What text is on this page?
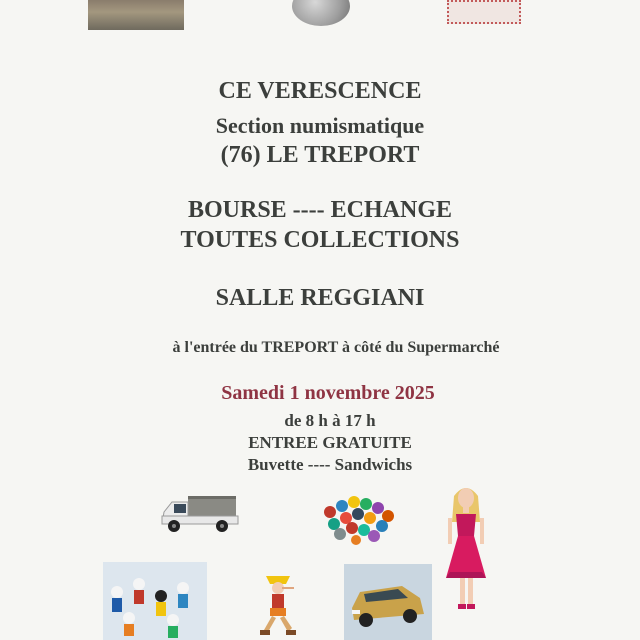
CE VERESCENCE
Section numismatique
(76) LE TREPORT
BOURSE ---- ECHANGE
TOUTES COLLECTIONS
SALLE REGGIANI
à l'entrée du TREPORT à côté du Supermarché
Samedi 1 novembre 2025
de 8 h à 17 h
ENTREE GRATUITE
Buvette ---- Sandwichs
